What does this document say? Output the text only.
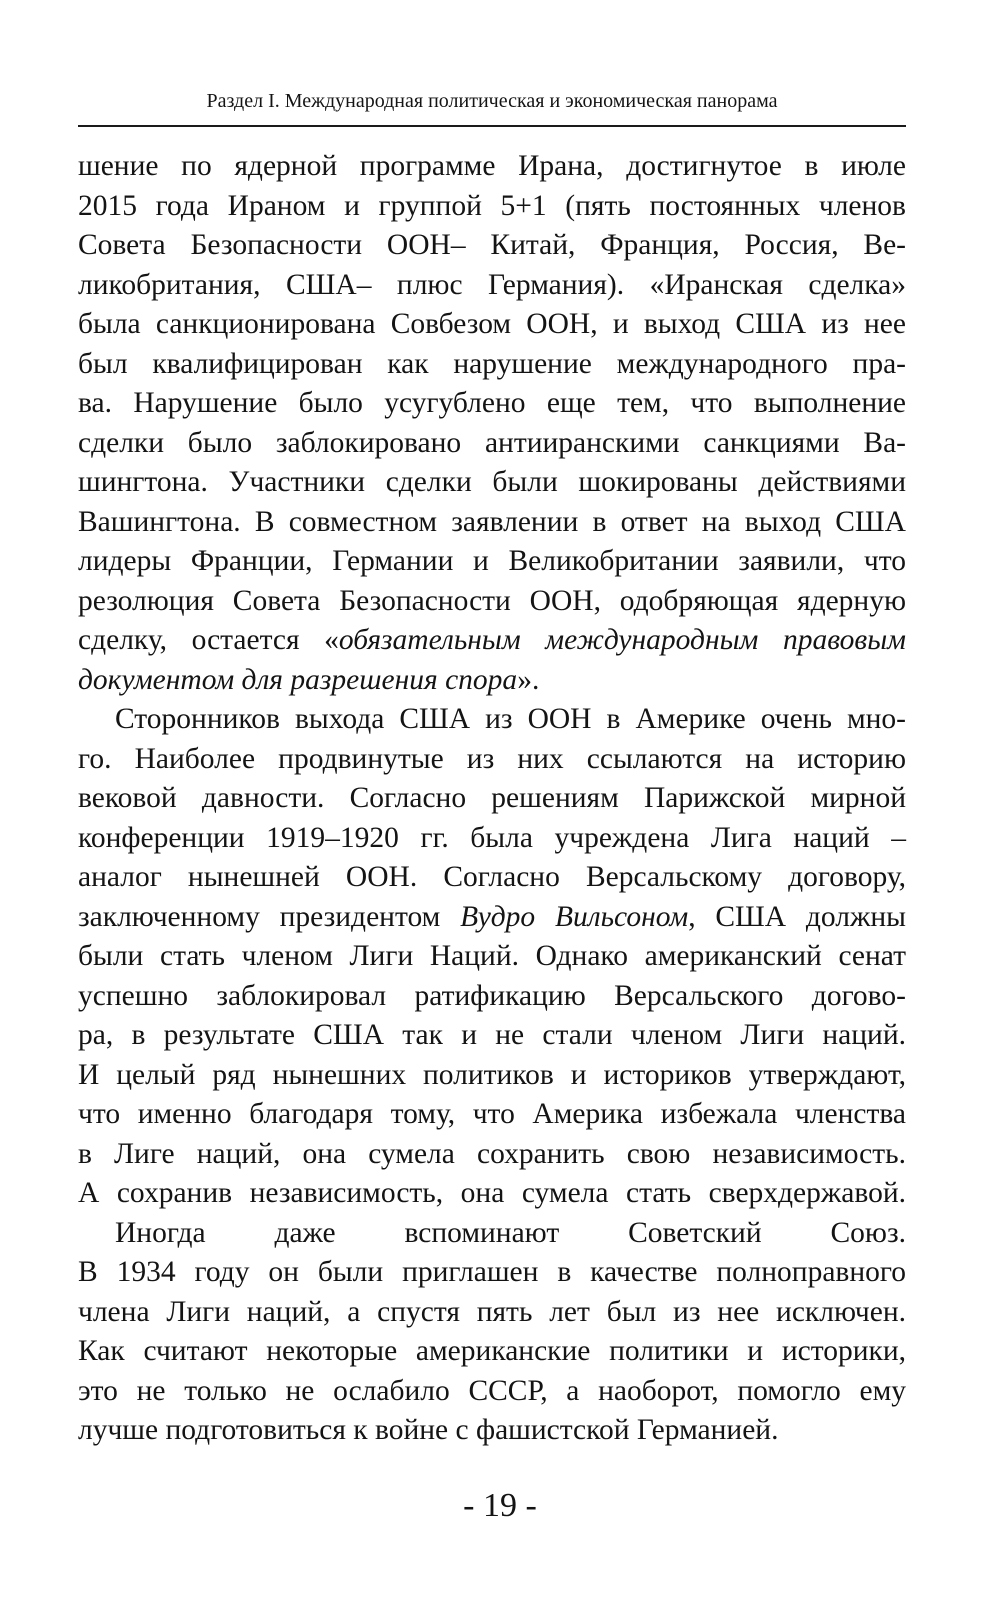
Раздел I. Международная политическая и экономическая панорама
шение по ядерной программе Ирана, достигнутое в июле
2015 года Ираном и группой 5+1 (пять постоянных членов
Совета Безопасности ООН– Китай, Франция, Россия, Ве-
ликобритания, США– плюс Германия). «Иранская сделка»
была санкционирована Совбезом ООН, и выход США из нее
был квалифицирован как нарушение международного пра-
ва. Нарушение было усугублено еще тем, что выполнение
сделки было заблокировано антииранскими санкциями Ва-
шингтона. Участники сделки были шокированы действиями
Вашингтона. В совместном заявлении в ответ на выход США
лидеры Франции, Германии и Великобритании заявили, что
резолюция Совета Безопасности ООН, одобряющая ядерную
сделку, остается «обязательным международным правовым
документом для разрешения спора».
Сторонников выхода США из ООН в Америке очень мно-
го. Наиболее продвинутые из них ссылаются на историю
вековой давности. Согласно решениям Парижской мирной
конференции 1919–1920 гг. была учреждена Лига наций –
аналог нынешней ООН. Согласно Версальскому договору,
заключенному президентом Вудро Вильсоном, США должны
были стать членом Лиги Наций. Однако американский сенат
успешно заблокировал ратификацию Версальского догово-
ра, в результате США так и не стали членом Лиги наций.
И целый ряд нынешних политиков и историков утверждают,
что именно благодаря тому, что Америка избежала членства
в Лиге наций, она сумела сохранить свою независимость.
А сохранив независимость, она сумела стать сверхдержавой.
Иногда даже вспоминают Советский Союз.
В 1934 году он были приглашен в качестве полноправного
члена Лиги наций, а спустя пять лет был из нее исключен.
Как считают некоторые американские политики и историки,
это не только не ослабило СССР, а наоборот, помогло ему
лучше подготовиться к войне с фашистской Германией.
- 19 -
